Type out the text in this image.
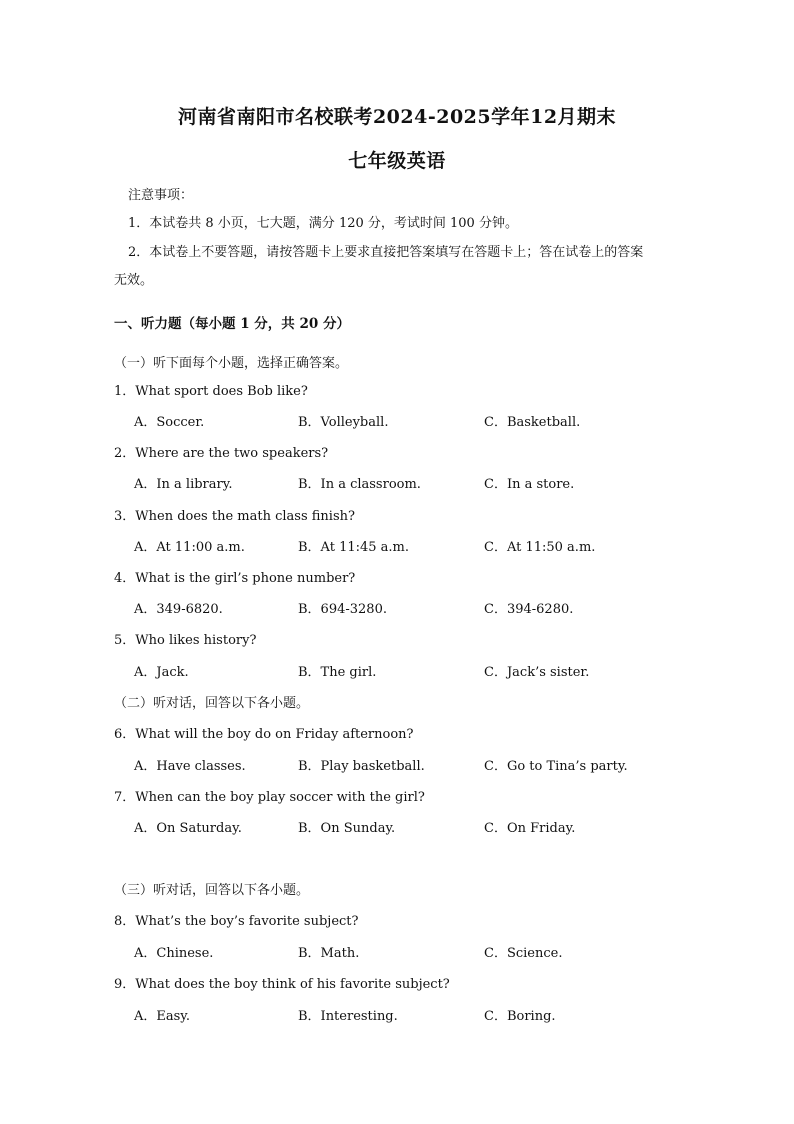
河南省南阳市名校联考2024-2025学年12月期末
七年级英语
注意事项：
1．本试卷共 8 小页，七大题，满分 120 分，考试时间 100 分钟。
2．本试卷上不要答题，请按答题卡上要求直接把答案填写在答题卡上；答在试卷上的答案
无效。
一、听力题（每小题 1 分，共 20 分）
（一）听下面每个小题，选择正确答案。
1．What sport does Bob like?
A．Soccer.	B．Volleyball.	C．Basketball.
2．Where are the two speakers?
A．In a library.	B．In a classroom.	C．In a store.
3．When does the math class finish?
A．At 11:00 a.m.	B．At 11:45 a.m.	C．At 11:50 a.m.
4．What is the girl’s phone number?
A．349-6820.	B．694-3280.	C．394-6280.
5．Who likes history?
A．Jack.	B．The girl.	C．Jack’s sister.
（二）听对话，回答以下各小题。
6．What will the boy do on Friday afternoon?
A．Have classes.	B．Play basketball.	C．Go to Tina’s party.
7．When can the boy play soccer with the girl?
A．On Saturday.	B．On Sunday.	C．On Friday.
（三）听对话，回答以下各小题。
8．What’s the boy’s favorite subject?
A．Chinese.	B．Math.	C．Science.
9．What does the boy think of his favorite subject?
A．Easy.	B．Interesting.	C．Boring.
